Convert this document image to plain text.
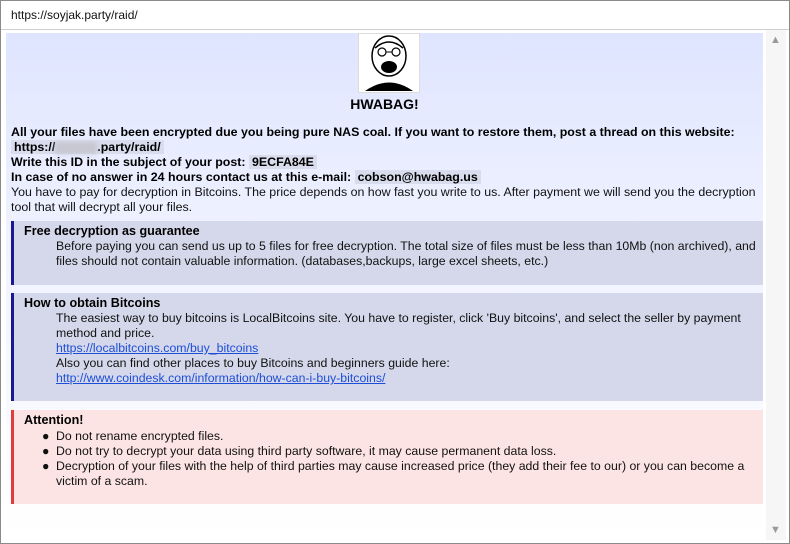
https://soyjak.party/raid/
HWABAG!
All your files have been encrypted due you being pure NAS coal. If you want to restore them, post a thread on this website:
https://	.party/raid/
Write this ID in the subject of your post: 9ECFA84E
In case of no answer in 24 hours contact us at this e-mail: cobson@hwabag.us
You have to pay for decryption in Bitcoins. The price depends on how fast you write to us. After payment we will send you the decryption tool that will decrypt all your files.
Free decryption as guarantee
Before paying you can send us up to 5 files for free decryption. The total size of files must be less than 10Mb (non archived), and files should not contain valuable information. (databases,backups, large excel sheets, etc.)
How to obtain Bitcoins
The easiest way to buy bitcoins is LocalBitcoins site. You have to register, click 'Buy bitcoins', and select the seller by payment method and price.
https://localbitcoins.com/buy_bitcoins
Also you can find other places to buy Bitcoins and beginners guide here:
http://www.coindesk.com/information/how-can-i-buy-bitcoins/
Attention!
● Do not rename encrypted files.
● Do not try to decrypt your data using third party software, it may cause permanent data loss.
● Decryption of your files with the help of third parties may cause increased price (they add their fee to our) or you can become a victim of a scam.
▲
▼
